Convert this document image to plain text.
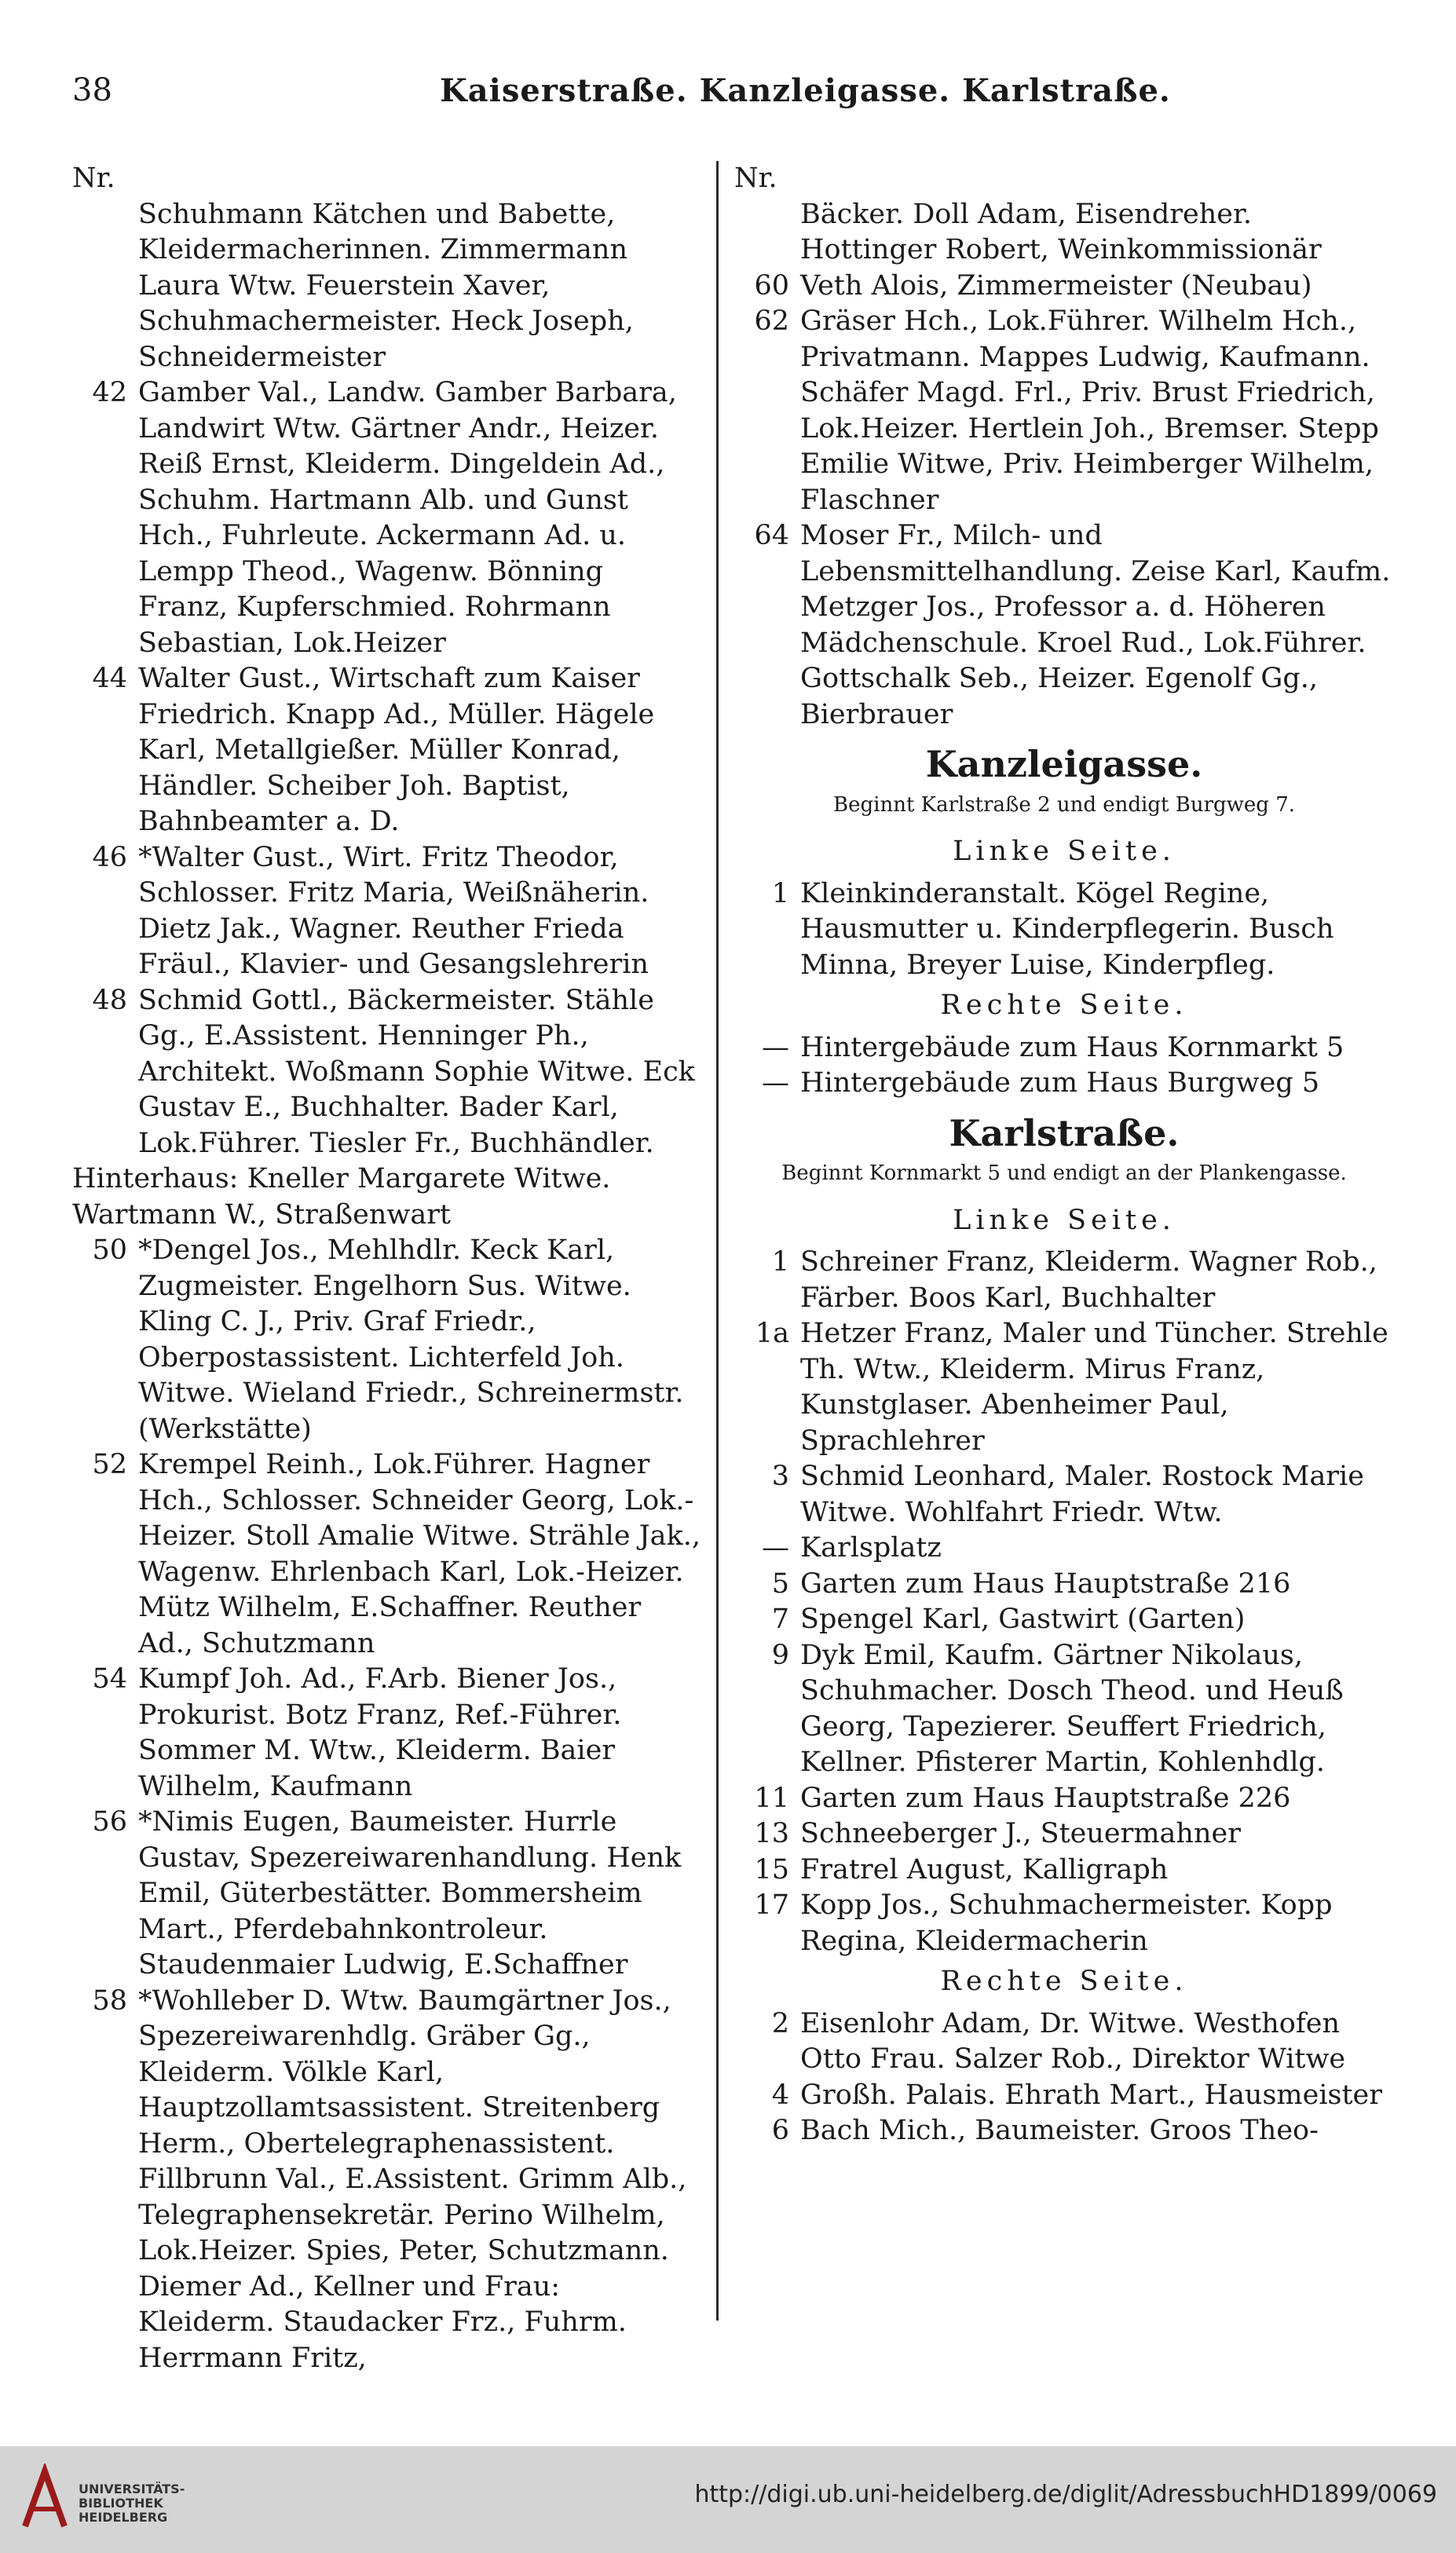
38	Kaiserstraße. Kanzleigasse. Karlstraße.
Nr.
Schuhmann Kätchen und Babette, Kleidermacherinnen. Zimmermann Laura Wtw. Feuerstein Xaver, Schuhmachermeister. Heck Joseph, Schneidermeister
42 Gamber Val., Landw. Gamber Barbara, Landwirt Wtw. Gärtner Andr., Heizer. Reiß Ernst, Kleiderm. Dingeldein Ad., Schuhm. Hartmann Alb. und Gunst Hch., Fuhrleute. Ackermann Ad. u. Lempp Theod., Wagenw. Bönning Franz, Kupferschmied. Rohrmann Sebastian, Lok.Heizer
44 Walter Gust., Wirtschaft zum Kaiser Friedrich. Knapp Ad., Müller. Hägele Karl, Metallgießer. Müller Konrad, Händler. Scheiber Joh. Baptist, Bahnbeamter a. D.
46 *Walter Gust., Wirt. Fritz Theodor, Schlosser. Fritz Maria, Weißnäherin. Dietz Jak., Wagner. Reuther Frieda Fräul., Klavier- und Gesangslehrerin
48 Schmid Gottl., Bäckermeister. Stähle Gg., E.Assistent. Henninger Ph., Architekt. Woßmann Sophie Witwe. Eck Gustav E., Buchhalter. Bader Karl, Lok.Führer. Tiesler Fr., Buchhändler.
Hinterhaus: Kneller Margarete Witwe. Wartmann W., Straßenwart
50 *Dengel Jos., Mehlhdlr. Keck Karl, Zugmeister. Engelhorn Sus. Witwe. Kling C. J., Priv. Graf Friedr., Oberpostassistent. Lichterfeld Joh. Witwe. Wieland Friedr., Schreinermstr. (Werkstätte)
52 Krempel Reinh., Lok.Führer. Hagner Hch., Schlosser. Schneider Georg, Lok.-Heizer. Stoll Amalie Witwe. Strähle Jak., Wagenw. Ehrlenbach Karl, Lok.-Heizer. Mütz Wilhelm, E.Schaffner. Reuther Ad., Schutzmann
54 Kumpf Joh. Ad., F.Arb. Biener Jos., Prokurist. Botz Franz, Ref.-Führer. Sommer M. Wtw., Kleiderm. Baier Wilhelm, Kaufmann
56 *Nimis Eugen, Baumeister. Hurrle Gustav, Spezereiwarenhandlung. Henk Emil, Güterbestätter. Bommersheim Mart., Pferdebahnkontroleur. Staudenmaier Ludwig, E.Schaffner
58 *Wohlleber D. Wtw. Baumgärtner Jos., Spezereiwarenhdlg. Gräber Gg., Kleiderm. Völkle Karl, Hauptzollamtsassistent. Streitenberg Herm., Obertelegraphenassistent. Fillbrunn Val., E.Assistent. Grimm Alb., Telegraphensekretär. Perino Wilhelm, Lok.Heizer. Spies, Peter, Schutzmann. Diemer Ad., Kellner und Frau: Kleiderm. Staudacker Frz., Fuhrm. Herrmann Fritz,
Nr.
Bäcker. Doll Adam, Eisendreher. Hottinger Robert, Weinkommissionär
60 Veth Alois, Zimmermeister (Neubau)
62 Gräser Hch., Lok.Führer. Wilhelm Hch., Privatmann. Mappes Ludwig, Kaufmann. Schäfer Magd. Frl., Priv. Brust Friedrich, Lok.Heizer. Hertlein Joh., Bremser. Stepp Emilie Witwe, Priv. Heimberger Wilhelm, Flaschner
64 Moser Fr., Milch- und Lebensmittelhandlung. Zeise Karl, Kaufm. Metzger Jos., Professor a. d. Höheren Mädchenschule. Kroel Rud., Lok.Führer. Gottschalk Seb., Heizer. Egenolf Gg., Bierbrauer
Kanzleigasse.
Beginnt Karlstraße 2 und endigt Burgweg 7.
Linke Seite.
1 Kleinkinderanstalt. Kögel Regine, Hausmutter u. Kinderpflegerin. Busch Minna, Breyer Luise, Kinderpfleg.
Rechte Seite.
— Hintergebäude zum Haus Kornmarkt 5
— Hintergebäude zum Haus Burgweg 5
Karlstraße.
Beginnt Kornmarkt 5 und endigt an der Plankengasse.
Linke Seite.
1 Schreiner Franz, Kleiderm. Wagner Rob., Färber. Boos Karl, Buchhalter
1a Hetzer Franz, Maler und Tüncher. Strehle Th. Wtw., Kleiderm. Mirus Franz, Kunstglaser. Abenheimer Paul, Sprachlehrer
3 Schmid Leonhard, Maler. Rostock Marie Witwe. Wohlfahrt Friedr. Wtw.
— Karlsplatz
5 Garten zum Haus Hauptstraße 216
7 Spengel Karl, Gastwirt (Garten)
9 Dyk Emil, Kaufm. Gärtner Nikolaus, Schuhmacher. Dosch Theod. und Heuß Georg, Tapezierer. Seuffert Friedrich, Kellner. Pfisterer Martin, Kohlenhdlg.
11 Garten zum Haus Hauptstraße 226
13 Schneeberger J., Steuermahner
15 Fratrel August, Kalligraph
17 Kopp Jos., Schuhmachermeister. Kopp Regina, Kleidermacherin
Rechte Seite.
2 Eisenlohr Adam, Dr. Witwe. Westhofen Otto Frau. Salzer Rob., Direktor Witwe
4 Großh. Palais. Ehrath Mart., Hausmeister
6 Bach Mich., Baumeister. Groos Theo-
UNIVERSITÄTS-
BIBLIOTHEK
HEIDELBERG
http://digi.ub.uni-heidelberg.de/diglit/AdressbuchHD1899/0069
